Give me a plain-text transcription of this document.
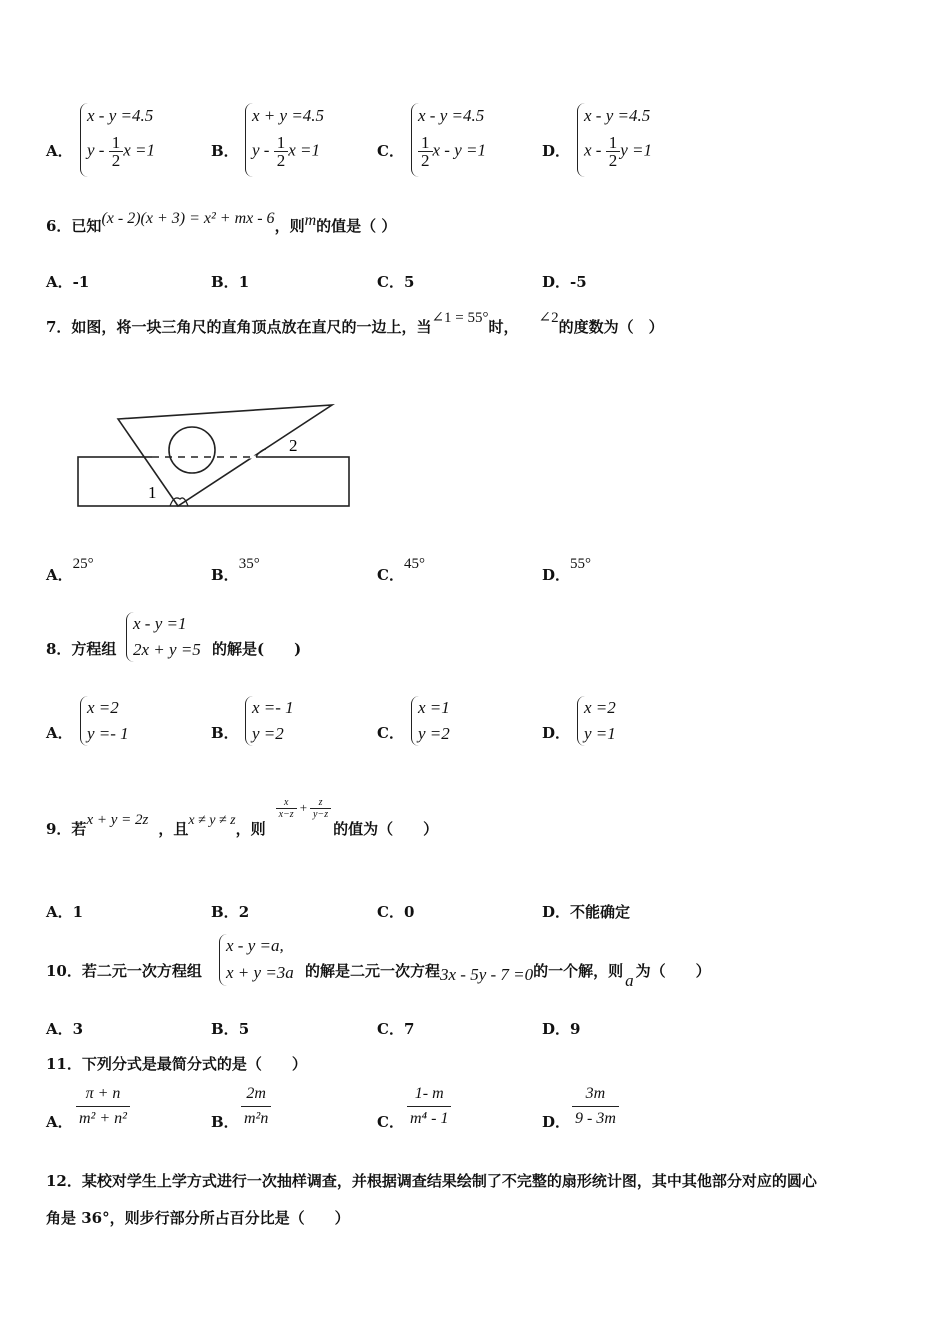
A．
x - y =4.5
y - $\frac{1}{2}$ x =1	B．
x + y =4.5
y - $\frac{1}{2}$ x =1	C．
x - y =4.5
$\frac{1}{2}$ x - y =1	D．
x - y =4.5
x - $\frac{1}{2}$ y =1
6．已知(x - 2)(x + 3) = x² + mx - 6，则m的值是（ ）
A．-1	B．1	C．5	D．-5
7．如图，将一块三角尺的直角顶点放在直尺的一边上，当∠1 = 55°时， ∠2的度数为（　）
1
2
A．25°
B．35°
C．45°
D．55°
8．方程组
x - y =1
2x + y =5 的解是(　　)
A．
x =2
y =- 1	B．
x =- 1
y =2	C．
x =1
y =2	D．
x =2
y =1
9．若x + y = 2z ，且x ≠ y ≠ z，则
$\frac{x}{x-z} + \frac{z}{y-z}$
的值为（　　）
A．1	B．2	C．0	D．不能确定
10．若二元一次方程组
x - y =a,
x + y =3a 的解是二元一次方程3x - 5y - 7 =0的一个解，则 a 为（　　）
A．3	B．5	C．7	D．9
11．下列分式是最简分式的是（　　）
A． $\frac{\pi + n}{\text{m² + n²}}$	B． $\frac{2m}{\text{m²n}}$	C． $\frac{1- m}{\text{m⁴ - 1}}$	D． $\frac{3m}{9 - 3m}$
12．某校对学生上学方式进行一次抽样调查，并根据调查结果绘制了不完整的扇形统计图，其中其他部分对应的圆心
角是 36°，则步行部分所占百分比是（　　）
